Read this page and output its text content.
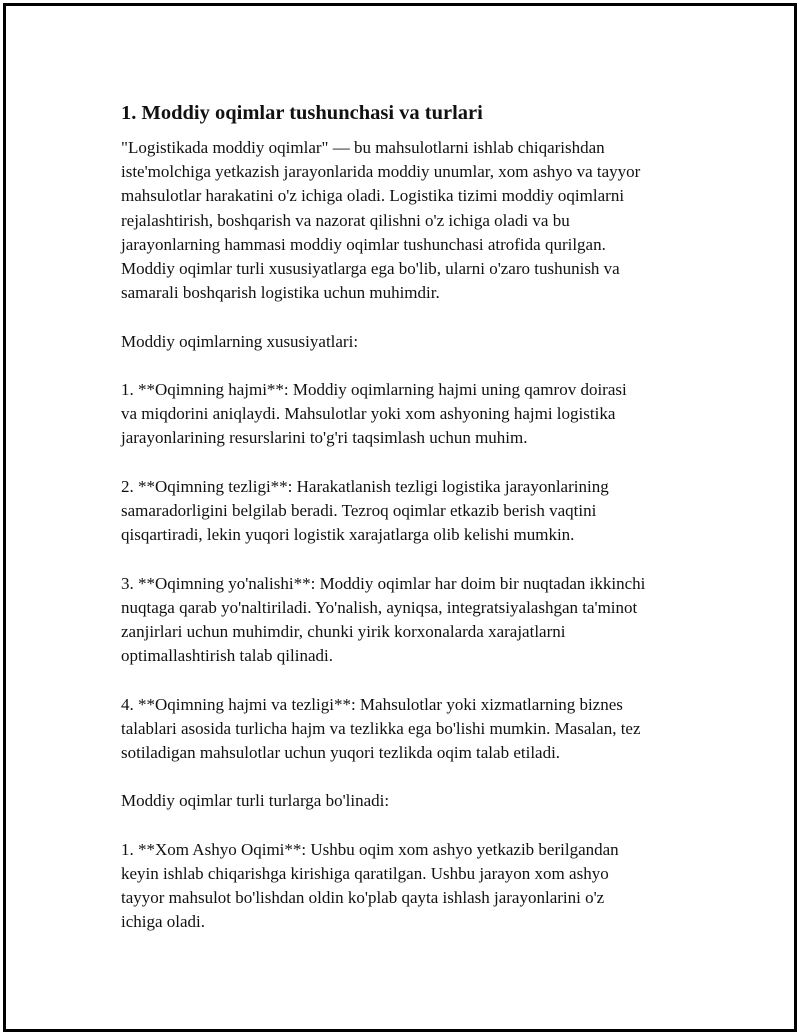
1. Moddiy oqimlar tushunchasi va turlari

"Logistikada moddiy oqimlar" — bu mahsulotlarni ishlab chiqarishdan
iste'molchiga yetkazish jarayonlarida moddiy unumlar, xom ashyo va tayyor
mahsulotlar harakatini o'z ichiga oladi. Logistika tizimi moddiy oqimlarni
rejalashtirish, boshqarish va nazorat qilishni o'z ichiga oladi va bu
jarayonlarning hammasi moddiy oqimlar tushunchasi atrofida qurilgan.
Moddiy oqimlar turli xususiyatlarga ega bo'lib, ularni o'zaro tushunish va
samarali boshqarish logistika uchun muhimdir.

Moddiy oqimlarning xususiyatlari:

1. **Oqimning hajmi**: Moddiy oqimlarning hajmi uning qamrov doirasi
va miqdorini aniqlaydi. Mahsulotlar yoki xom ashyoning hajmi logistika
jarayonlarining resurslarini to'g'ri taqsimlash uchun muhim.

2. **Oqimning tezligi**: Harakatlanish tezligi logistika jarayonlarining
samaradorligini belgilab beradi. Tezroq oqimlar etkazib berish vaqtini
qisqartiradi, lekin yuqori logistik xarajatlarga olib kelishi mumkin.

3. **Oqimning yo'nalishi**: Moddiy oqimlar har doim bir nuqtadan ikkinchi
nuqtaga qarab yo'naltiriladi. Yo'nalish, ayniqsa, integratsiyalashgan ta'minot
zanjirlari uchun muhimdir, chunki yirik korxonalarda xarajatlarni
optimallashtirish talab qilinadi.

4. **Oqimning hajmi va tezligi**: Mahsulotlar yoki xizmatlarning biznes
talablari asosida turlicha hajm va tezlikka ega bo'lishi mumkin. Masalan, tez
sotiladigan mahsulotlar uchun yuqori tezlikda oqim talab etiladi.

Moddiy oqimlar turli turlarga bo'linadi:

1. **Xom Ashyo Oqimi**: Ushbu oqim xom ashyo yetkazib berilgandan
keyin ishlab chiqarishga kirishiga qaratilgan. Ushbu jarayon xom ashyo
tayyor mahsulot bo'lishdan oldin ko'plab qayta ishlash jarayonlarini o'z
ichiga oladi.
